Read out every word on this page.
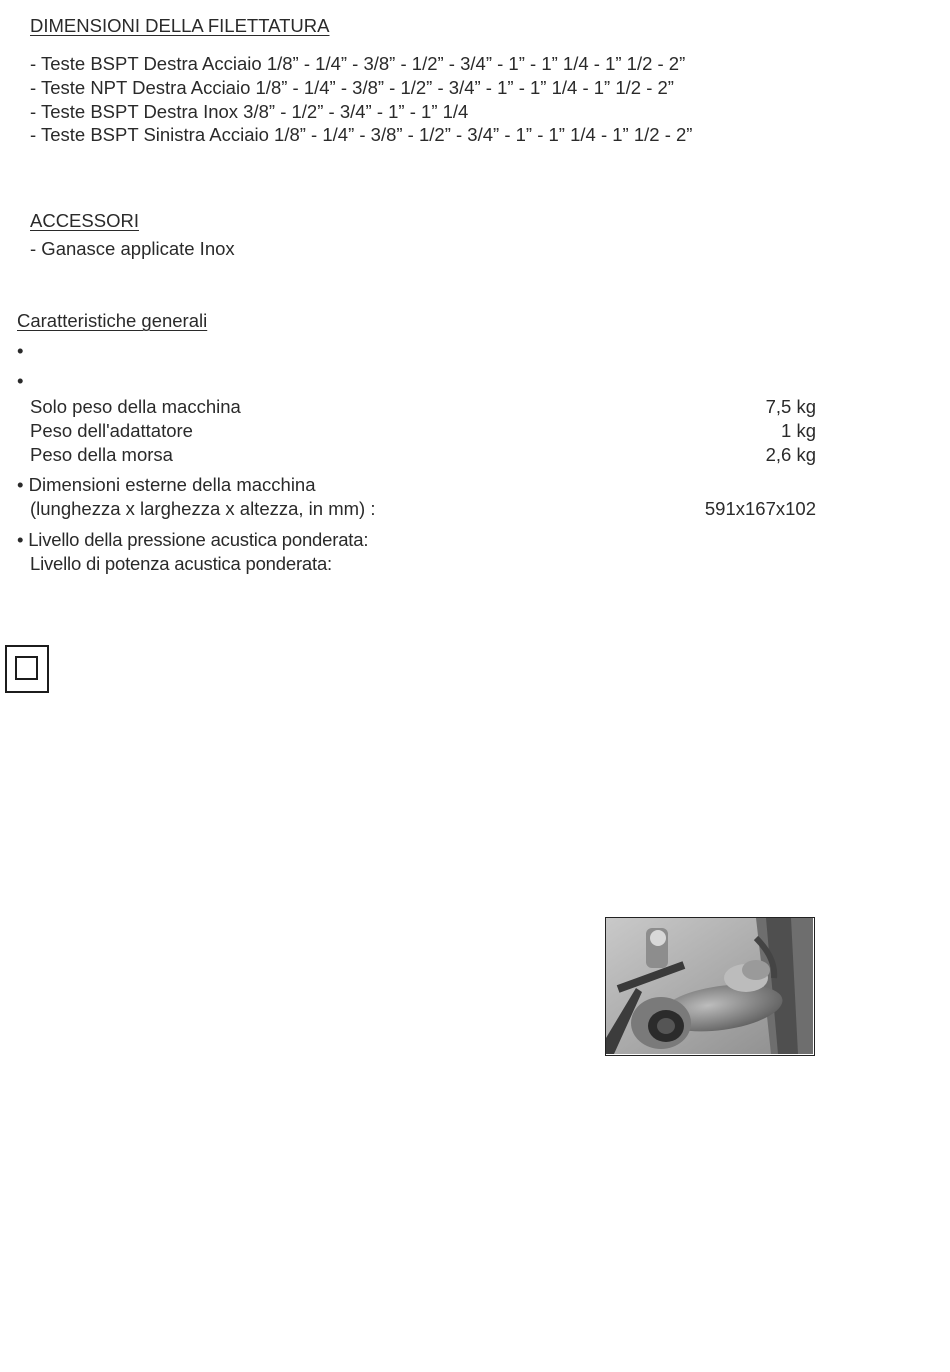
DIMENSIONI DELLA FILETTATURA
- Teste BSPT Destra Acciaio 1/8” - 1/4” - 3/8” - 1/2” - 3/4” - 1” - 1” 1/4 - 1” 1/2 - 2”
- Teste NPT Destra Acciaio 1/8” - 1/4” - 3/8” - 1/2” - 3/4” - 1” - 1” 1/4 - 1” 1/2 - 2”
- Teste BSPT Destra Inox 3/8” - 1/2” - 3/4” - 1” - 1” 1/4
- Teste BSPT Sinistra Acciaio 1/8” - 1/4” - 3/8” - 1/2” - 3/4” - 1” - 1” 1/4 - 1” 1/2 - 2”
ACCESSORI
- Ganasce applicate Inox
Caratteristiche generali
•
•
Solo peso della macchina	7,5 kg
Peso dell'adattatore	1 kg
Peso della morsa	2,6 kg
• Dimensioni esterne della macchina
(lunghezza x larghezza x altezza, in mm) :	591x167x102
• Livello della pressione acustica ponderata:
Livello di potenza acustica ponderata:
